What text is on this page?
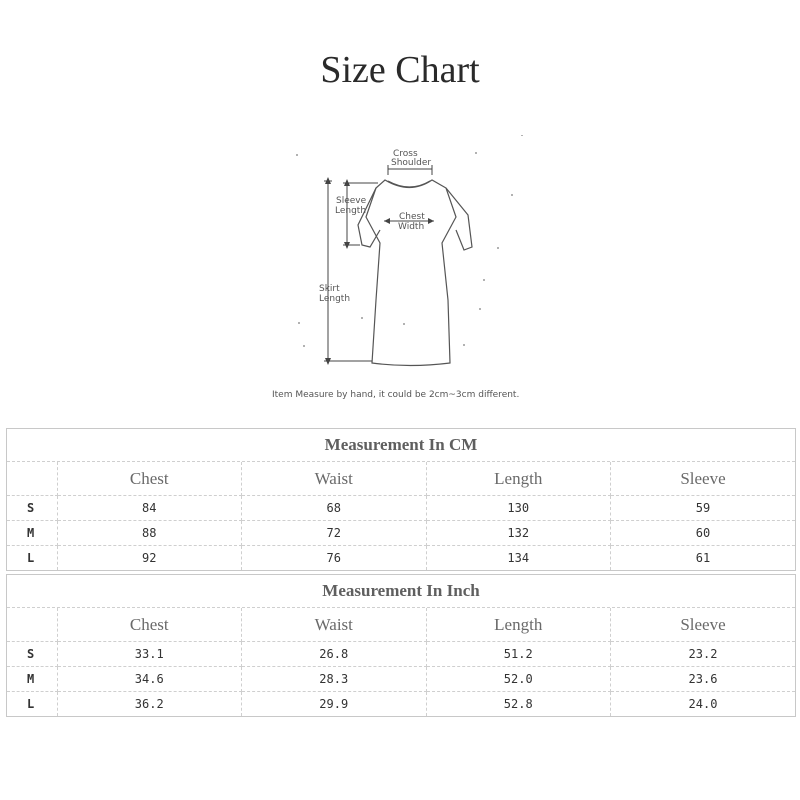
Size Chart
Cross
Shoulder
Sleeve
Length
Chest
Width
Skirt
Length
Item Measure by hand, it could be 2cm~3cm different.
Measurement In CM
	Chest	Waist	Length	Sleeve
S	84	68	130	59
M	88	72	132	60
L	92	76	134	61
Measurement In Inch
	Chest	Waist	Length	Sleeve
S	33.1	26.8	51.2	23.2
M	34.6	28.3	52.0	23.6
L	36.2	29.9	52.8	24.0
